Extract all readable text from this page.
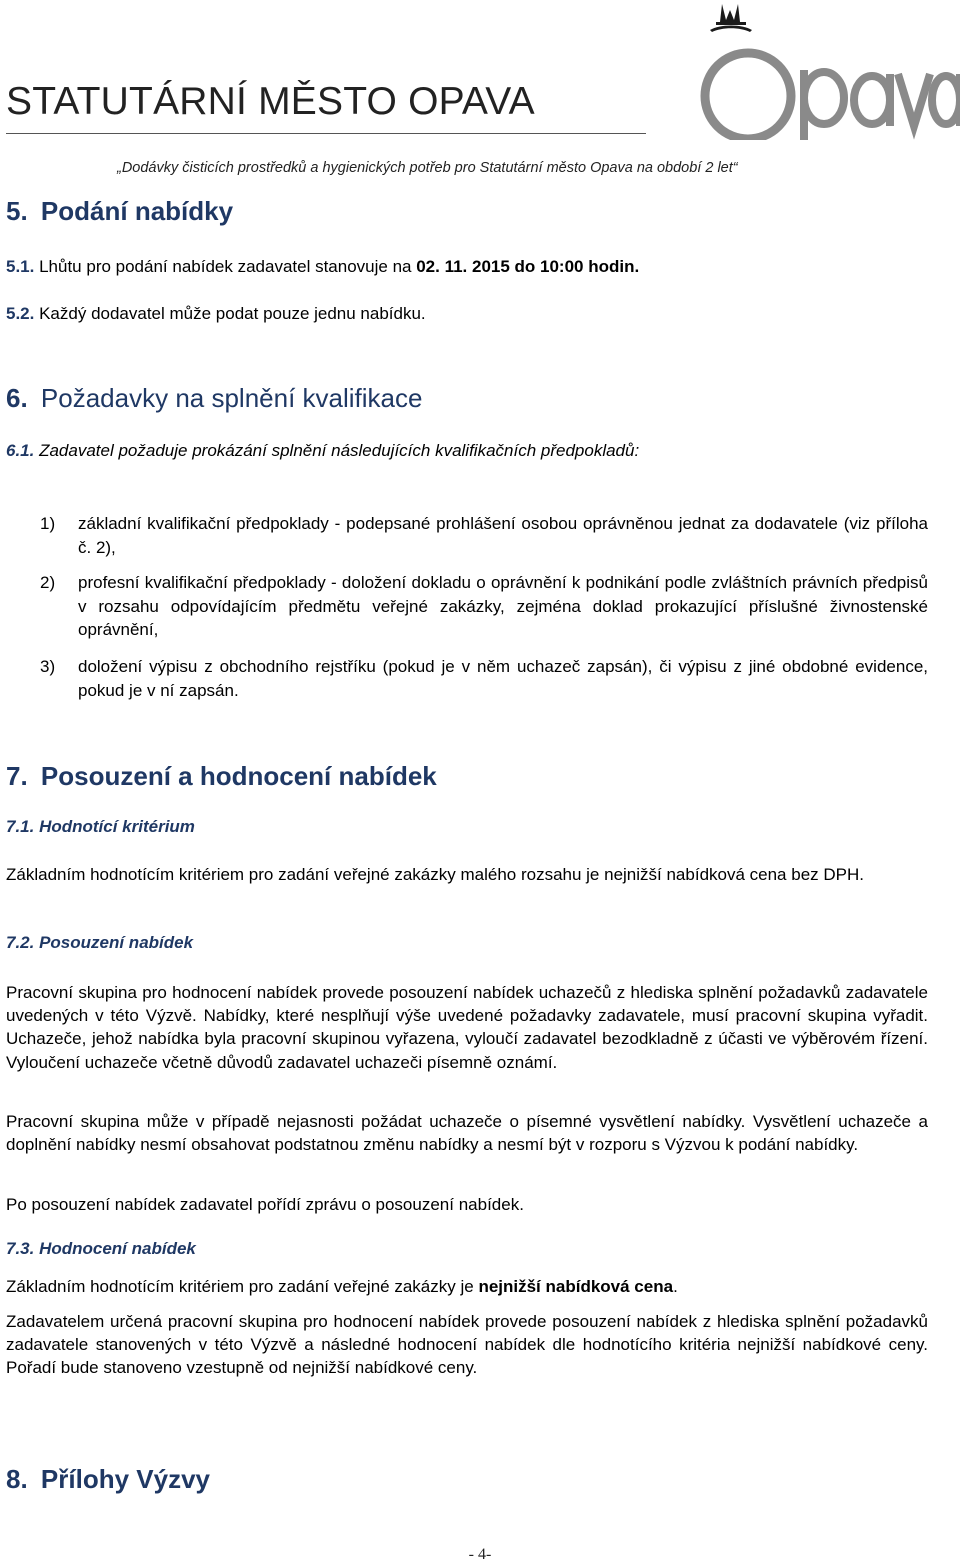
STATUTÁRNÍ MĚSTO OPAVA
„Dodávky čisticích prostředků a hygienických potřeb pro Statutární město Opava na období 2 let“
5. Podání nabídky
5.1. Lhůtu pro podání nabídek zadavatel stanovuje na 02. 11. 2015 do 10:00 hodin.
5.2. Každý dodavatel může podat pouze jednu nabídku.
6. Požadavky na splnění kvalifikace
6.1. Zadavatel požaduje prokázání splnění následujících kvalifikačních předpokladů:
1) základní kvalifikační předpoklady - podepsané prohlášení osobou oprávněnou jednat za dodavatele (viz příloha č. 2),
2) profesní kvalifikační předpoklady - doložení dokladu o oprávnění k podnikání podle zvláštních právních předpisů v rozsahu odpovídajícím předmětu veřejné zakázky, zejména doklad prokazující příslušné živnostenské oprávnění,
3) doložení výpisu z obchodního rejstříku (pokud je v něm uchazeč zapsán), či výpisu z jiné obdobné evidence, pokud je v ní zapsán.
7. Posouzení a hodnocení nabídek
7.1. Hodnotící kritérium
Základním hodnotícím kritériem pro zadání veřejné zakázky malého rozsahu je nejnižší nabídková cena bez DPH.
7.2. Posouzení nabídek
Pracovní skupina pro hodnocení nabídek provede posouzení nabídek uchazečů z hlediska splnění požadavků zadavatele uvedených v této Výzvě. Nabídky, které nesplňují výše uvedené požadavky zadavatele, musí pracovní skupina vyřadit. Uchazeče, jehož nabídka byla pracovní skupinou vyřazena, vyloučí zadavatel bezodkladně z účasti ve výběrovém řízení. Vyloučení uchazeče včetně důvodů zadavatel uchazeči písemně oznámí.
Pracovní skupina může v případě nejasnosti požádat uchazeče o písemné vysvětlení nabídky. Vysvětlení uchazeče a doplnění nabídky nesmí obsahovat podstatnou změnu nabídky a nesmí být v rozporu s Výzvou k podání nabídky.
Po posouzení nabídek zadavatel pořídí zprávu o posouzení nabídek.
7.3. Hodnocení nabídek
Základním hodnotícím kritériem pro zadání veřejné zakázky je nejnižší nabídková cena.
Zadavatelem určená pracovní skupina pro hodnocení nabídek provede posouzení nabídek z hlediska splnění požadavků zadavatele stanovených v této Výzvě a následné hodnocení nabídek dle hodnotícího kritéria nejnižší nabídkové ceny. Pořadí bude stanoveno vzestupně od nejnižší nabídkové ceny.
8. Přílohy Výzvy
- 4-
